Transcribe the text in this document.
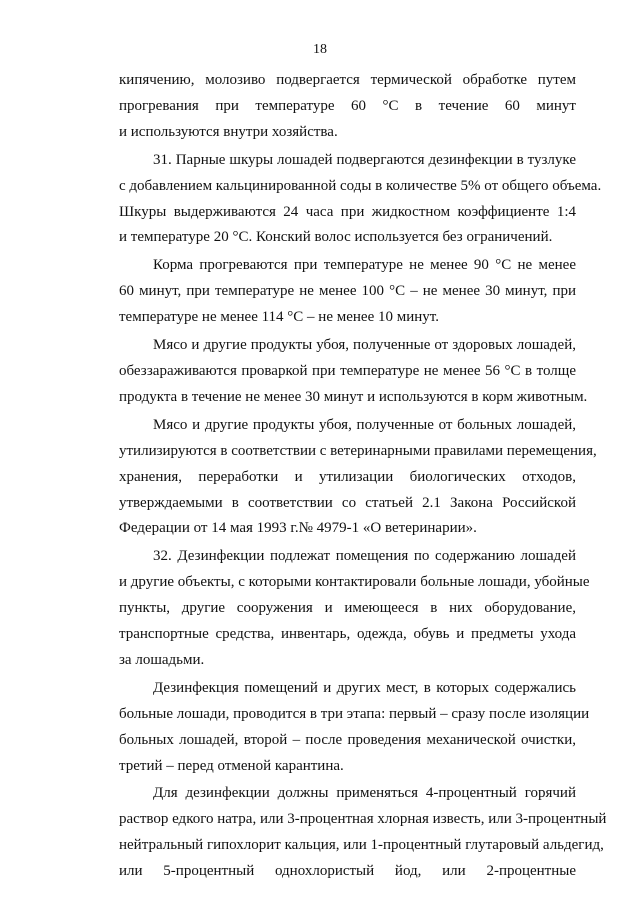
18
кипячению, молозиво подвергается термической обработке путем
прогревания при температуре 60 °C в течение 60 минут
и используются внутри хозяйства.
31. Парные шкуры лошадей подвергаются дезинфекции в тузлуке
с добавлением кальцинированной соды в количестве 5% от общего объема.
Шкуры выдерживаются 24 часа при жидкостном коэффициенте 1:4
и температуре 20 °C. Конский волос используется без ограничений.
Корма прогреваются при температуре не менее 90 °C не менее
60 минут, при температуре не менее 100 °C – не менее 30 минут, при
температуре не менее 114 °C – не менее 10 минут.
Мясо и другие продукты убоя, полученные от здоровых лошадей,
обеззараживаются проваркой при температуре не менее 56 °C в толще
продукта в течение не менее 30 минут и используются в корм животным.
Мясо и другие продукты убоя, полученные от больных лошадей,
утилизируются в соответствии с ветеринарными правилами перемещения,
хранения, переработки и утилизации биологических отходов,
утверждаемыми в соответствии со статьей 2.1 Закона Российской
Федерации от 14 мая 1993 г.№ 4979-1 «О ветеринарии».
32. Дезинфекции подлежат помещения по содержанию лошадей
и другие объекты, с которыми контактировали больные лошади, убойные
пункты, другие сооружения и имеющееся в них оборудование,
транспортные средства, инвентарь, одежда, обувь и предметы ухода
за лошадьми.
Дезинфекция помещений и других мест, в которых содержались
больные лошади, проводится в три этапа: первый – сразу после изоляции
больных лошадей, второй – после проведения механической очистки,
третий – перед отменой карантина.
Для дезинфекции должны применяться 4-процентный горячий
раствор едкого натра, или 3-процентная хлорная известь, или 3-процентный
нейтральный гипохлорит кальция, или 1-процентный глутаровый альдегид,
или 5-процентный однохлористый йод, или 2-процентные
